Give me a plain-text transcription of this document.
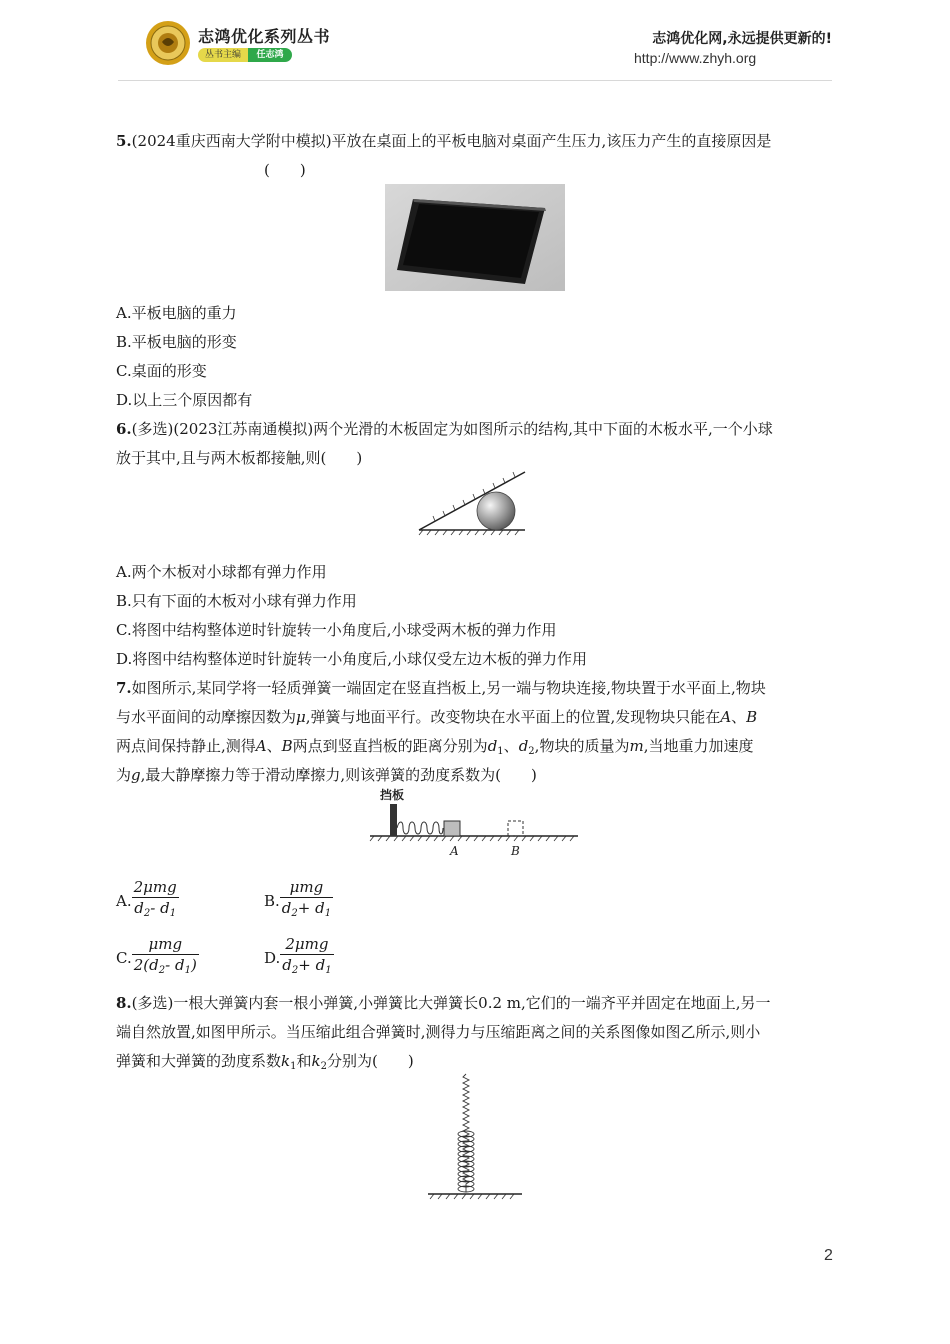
志鸿优化系列丛书
丛书主编	任志鸿
志鸿优化网,永远提供更新的!
http://www.zhyh.org
5.(2024重庆西南大学附中模拟)平放在桌面上的平板电脑对桌面产生压力,该压力产生的直接原因是
(　　)
A.平板电脑的重力
B.平板电脑的形变
C.桌面的形变
D.以上三个原因都有
6.(多选)(2023江苏南通模拟)两个光滑的木板固定为如图所示的结构,其中下面的木板水平,一个小球
放于其中,且与两木板都接触,则(　　)
A.两个木板对小球都有弹力作用
B.只有下面的木板对小球有弹力作用
C.将图中结构整体逆时针旋转一小角度后,小球受两木板的弹力作用
D.将图中结构整体逆时针旋转一小角度后,小球仅受左边木板的弹力作用
7.如图所示,某同学将一轻质弹簧一端固定在竖直挡板上,另一端与物块连接,物块置于水平面上,物块
与水平面间的动摩擦因数为μ,弹簧与地面平行。改变物块在水平面上的位置,发现物块只能在A、B
两点间保持静止,测得A、B两点到竖直挡板的距离分别为$d_1$、$d_2$,物块的质量为m,当地重力加速度
为g,最大静摩擦力等于滑动摩擦力,则该弹簧的劲度系数为(　　)
挡板
A	B
A. $\frac{\text{2μmg}}{d_2- d_1}$	B. $\frac{\text{μmg}}{d_2+ d_1}$
C. $\frac{\text{μmg}}{2(d_2- d_1)}$	D. $\frac{\text{2μmg}}{d_2+ d_1}$
8.(多选)一根大弹簧内套一根小弹簧,小弹簧比大弹簧长0.2 m,它们的一端齐平并固定在地面上,另一
端自然放置,如图甲所示。当压缩此组合弹簧时,测得力与压缩距离之间的关系图像如图乙所示,则小
弹簧和大弹簧的劲度系数$k_1$和$k_2$分别为(　　)
2
